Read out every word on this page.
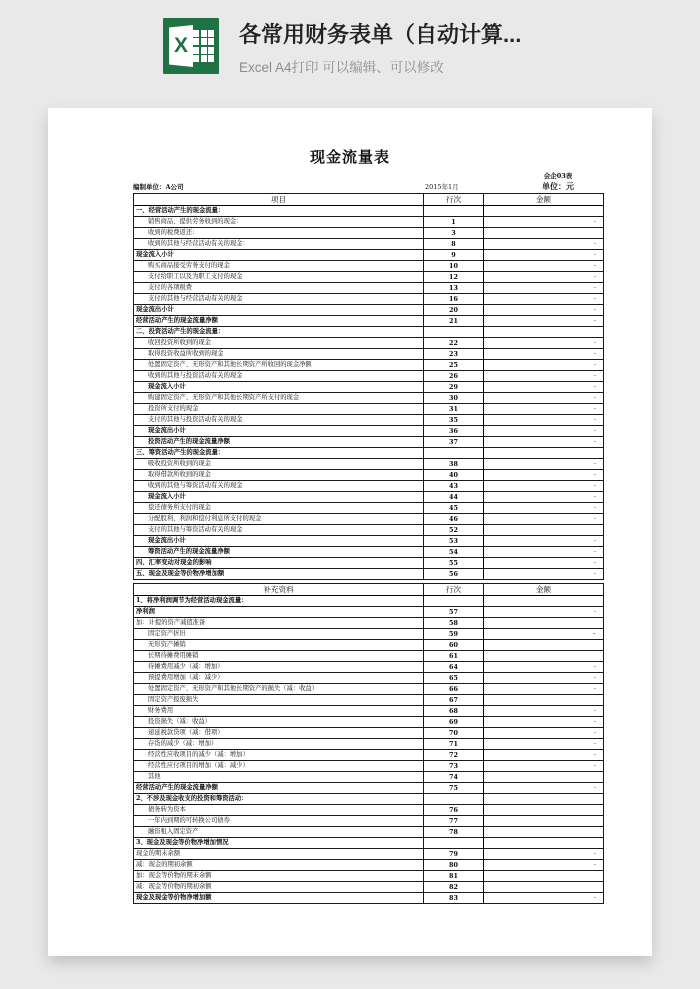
X 各常用财务表单（自动计算...
Excel A4打印 可以编辑、可以修改
现金流量表
编制单位：A公司	2015年1月
会企03表
单位：元
项目	行次	金额
一、经营活动产生的现金流量：		
销售商品、提供劳务收到的现金：	1	-
收到的税费返还：	3	
收到的其他与经营活动有关的现金：	8	-
现金流入小计	9	-
购买商品接受劳务支付的现金	10	-
支付给职工以及为职工支付的现金	12	-
支付的各项税费	13	-
支付的其他与经营活动有关的现金	16	-
现金流出小计	20	-
经营活动产生的现金流量净额	21	-
二、投资活动产生的现金流量：		
收回投资所收到的现金	22	-
取得投资收益所收到的现金	23	-
处置固定资产、无形资产和其他长期资产所收回的现金净额	25	-
收到的其他与投资活动有关的现金	26	-
现金流入小计	29	-
购建固定资产、无形资产和其他长期资产所支付的现金	30	-
投资所支付的现金	31	-
支付的其他与投资活动有关的现金	35	-
现金流出小计	36	-
投资活动产生的现金流量净额	37	-
三、筹资活动产生的现金流量：		
吸收投资所收到的现金	38	-
取得借款所收到的现金	40	-
收到的其他与筹资活动有关的现金	43	-
现金流入小计	44	-
偿还债务所支付的现金	45	-
分配股利、利润和偿付利息所支付的现金	46	-
支付的其他与筹资活动有关的现金	52	
现金流出小计	53	-
筹资活动产生的现金流量净额	54	-
四、汇率变动对现金的影响	55	-
五、现金及现金等价物净增加额	56	-
补充资料	行次	金额
1、将净利润调节为经营活动现金流量：		
净利润	57	-
加：计提的资产减值准备	58	
固定资产折旧	59	–
无形资产摊销	60	
长期待摊费用摊销	61	
待摊费用减少（减：增加）	64	-
预提费用增加（减：减少）	65	-
处置固定资产、无形资产和其他长期资产的损失（减：收益）	66	-
固定资产报废损失	67	
财务费用	68	-
投资损失（减：收益）	69	-
递延税款贷项（减：借项）	70	-
存货的减少（减：增加）	71	-
经营性应收项目的减少（减：增加）	72	-
经营性应付项目的增加（减：减少）	73	-
其他	74	
经营活动产生的现金流量净额	75	-
2、不涉及现金收支的投资和筹资活动：		
债务转为资本	76	
一年内到期的可转换公司债券	77	
融资租入固定资产	78	
3、现金及现金等价物净增加情况		
现金的期末余额	79	-
减：现金的期初余额	80	-
加：现金等价物的期末余额	81	
减：现金等价物的期初余额	82	
现金及现金等价物净增加额	83	-
